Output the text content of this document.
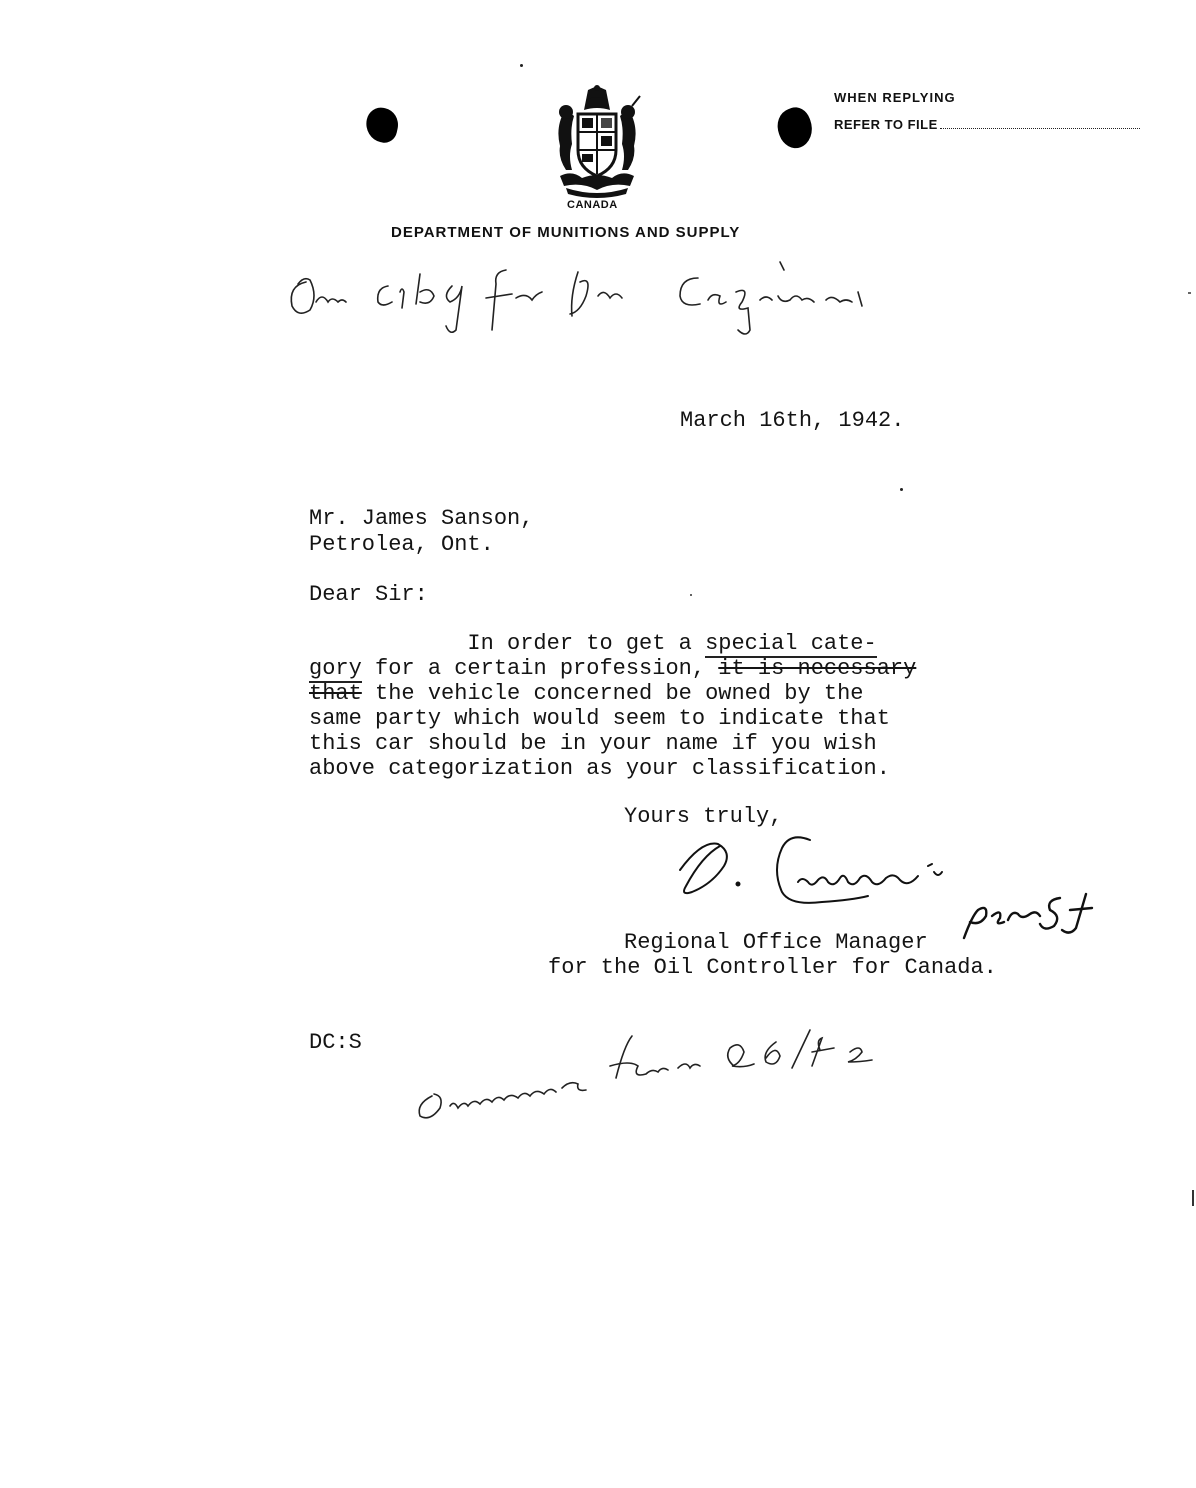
CANADA
DEPARTMENT OF MUNITIONS AND SUPPLY
WHEN REPLYING
REFER TO FILE
March 16th, 1942.
Mr. James Sanson,
Petrolea, Ont.
Dear Sir:
In order to get a special cate-
gory for a certain profession, it is necessary
that the vehicle concerned be owned by the
same party which would seem to indicate that
this car should be in your name if you wish
above categorization as your classification.
Yours truly,
Regional Office Manager
for the Oil Controller for Canada.
DC:S
